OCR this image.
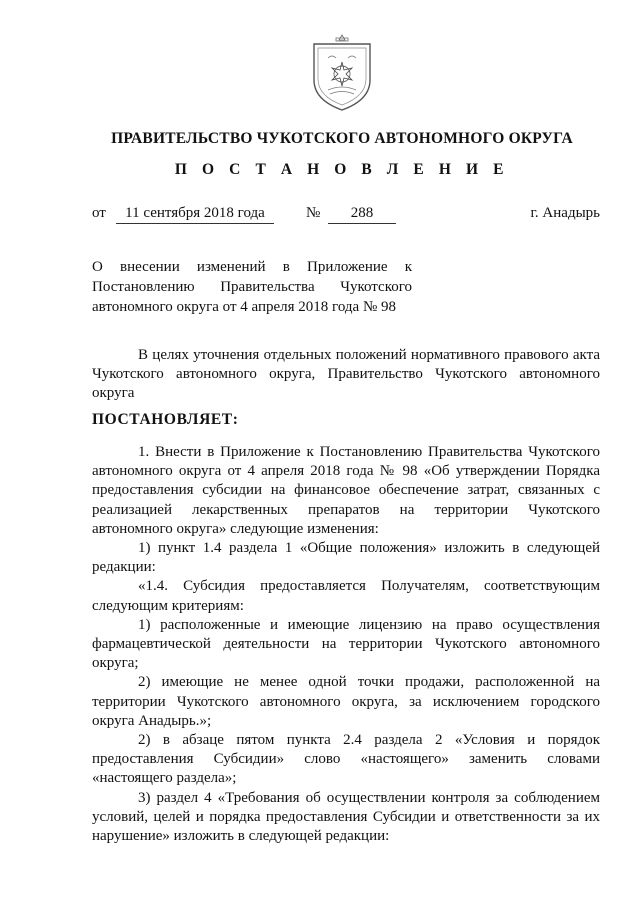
ПРАВИТЕЛЬСТВО ЧУКОТСКОГО АВТОНОМНОГО ОКРУГА
П О С Т А Н О В Л Е Н И Е
от	11 сентября 2018 года	№	288	г. Анадырь
О внесении изменений в Приложение к
Постановлению Правительства Чукотского
автономного округа от 4 апреля 2018 года № 98
В целях уточнения отдельных положений нормативного правового акта
Чукотского автономного округа, Правительство Чукотского автономного
округа
ПОСТАНОВЛЯЕТ:
1. Внести в Приложение к Постановлению Правительства Чукотского
автономного округа от 4 апреля 2018 года № 98 «Об утверждении Порядка
предоставления субсидии на финансовое обеспечение затрат, связанных с
реализацией лекарственных препаратов на территории Чукотского
автономного округа» следующие изменения:
1) пункт 1.4 раздела 1 «Общие положения» изложить в следующей
редакции:
«1.4. Субсидия предоставляется Получателям, соответствующим
следующим критериям:
1) расположенные и имеющие лицензию на право осуществления
фармацевтической деятельности на территории Чукотского автономного
округа;
2) имеющие не менее одной точки продажи, расположенной на
территории Чукотского автономного округа, за исключением городского
округа Анадырь.»;
2) в абзаце пятом пункта 2.4 раздела 2 «Условия и порядок
предоставления Субсидии» слово «настоящего» заменить словами
«настоящего раздела»;
3) раздел 4 «Требования об осуществлении контроля за соблюдением
условий, целей и порядка предоставления Субсидии и ответственности за их
нарушение» изложить в следующей редакции:
